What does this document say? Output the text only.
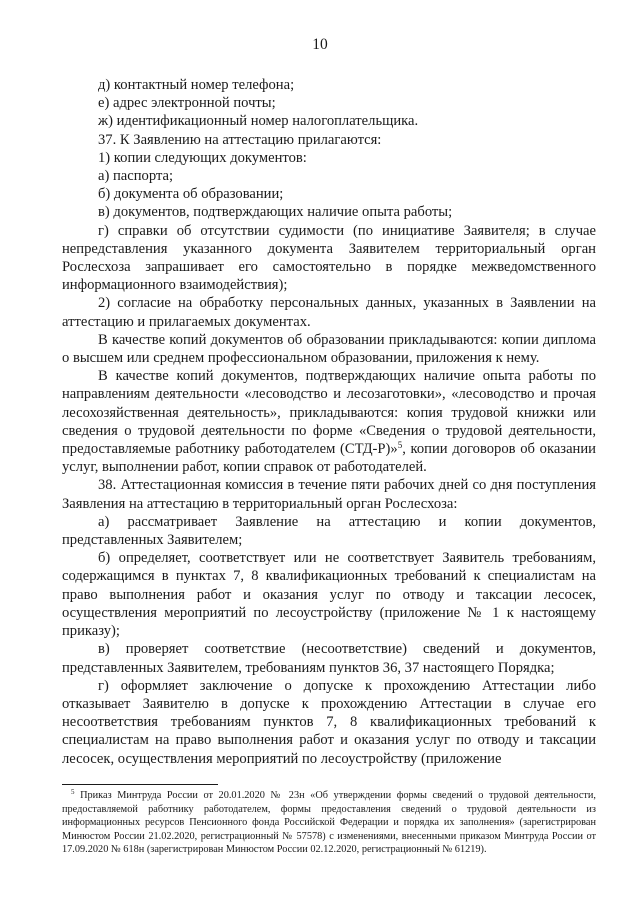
10

д) контактный номер телефона;

е) адрес электронной почты;

ж) идентификационный номер налогоплательщика.

37. К Заявлению на аттестацию прилагаются:

1) копии следующих документов:

а) паспорта;

б) документа об образовании;

в) документов, подтверждающих наличие опыта работы;

г) справки об отсутствии судимости (по инициативе Заявителя; в случае непредставления указанного документа Заявителем территориальный орган Рослесхоза запрашивает его самостоятельно в порядке межведомственного информационного взаимодействия);

2) согласие на обработку персональных данных, указанных в Заявлении на аттестацию и прилагаемых документах.

В качестве копий документов об образовании прикладываются: копии диплома о высшем или среднем профессиональном образовании, приложения к нему.

В качестве копий документов, подтверждающих наличие опыта работы по направлениям деятельности «лесоводство и лесозаготовки», «лесоводство и прочая лесохозяйственная деятельность», прикладываются: копия трудовой книжки или сведения о трудовой деятельности по форме «Сведения о трудовой деятельности, предоставляемые работнику работодателем (СТД-Р)»$^5$, копии договоров об оказании услуг, выполнении работ, копии справок от работодателей.

38. Аттестационная комиссия в течение пяти рабочих дней со дня поступления Заявления на аттестацию в территориальный орган Рослесхоза:

а) рассматривает Заявление на аттестацию и копии документов, представленных Заявителем;

б) определяет, соответствует или не соответствует Заявитель требованиям, содержащимся в пунктах 7, 8 квалификационных требований к специалистам на право выполнения работ и оказания услуг по отводу и таксации лесосек, осуществления мероприятий по лесоустройству (приложение № 1 к настоящему приказу);

в) проверяет соответствие (несоответствие) сведений и документов, представленных Заявителем, требованиям пунктов 36, 37 настоящего Порядка;

г) оформляет заключение о допуске к прохождению Аттестации либо отказывает Заявителю в допуске к прохождению Аттестации в случае его несоответствия требованиям пунктов 7, 8 квалификационных требований к специалистам на право выполнения работ и оказания услуг по отводу и таксации лесосек, осуществления мероприятий по лесоустройству (приложение

$^5$ Приказ Минтруда России от 20.01.2020 № 23н «Об утверждении формы сведений о трудовой деятельности, предоставляемой работнику работодателем, формы предоставления сведений о трудовой деятельности из информационных ресурсов Пенсионного фонда Российской Федерации и порядка их заполнения» (зарегистрирован Минюстом России 21.02.2020, регистрационный № 57578) с изменениями, внесенными приказом Минтруда России от 17.09.2020 № 618н (зарегистрирован Минюстом России 02.12.2020, регистрационный № 61219).
